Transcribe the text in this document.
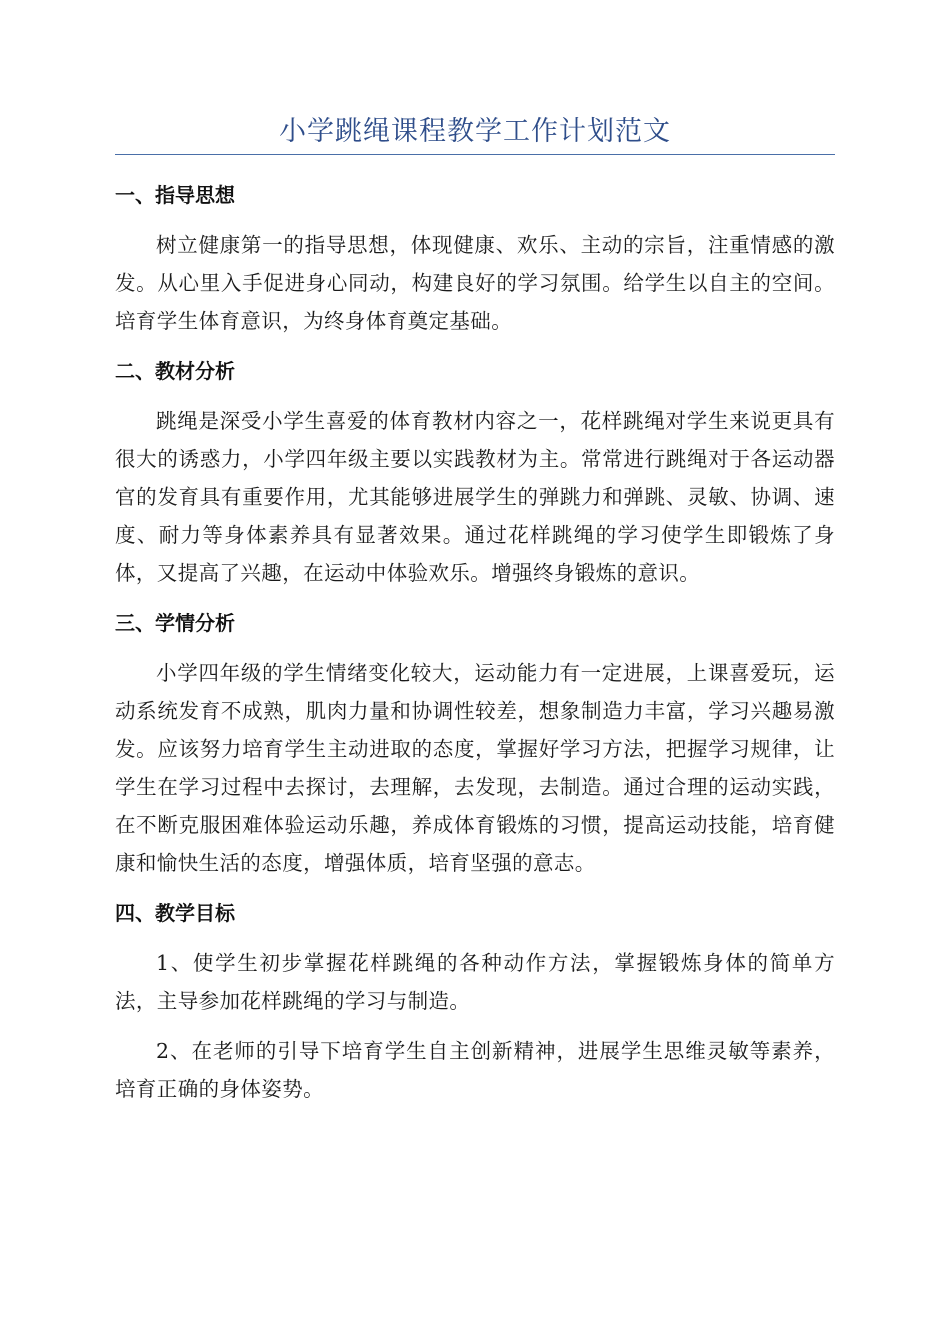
小学跳绳课程教学工作计划范文
一、指导思想

树立健康第一的指导思想，体现健康、欢乐、主动的宗旨，注重情感的激发。从心里入手促进身心同动，构建良好的学习氛围。给学生以自主的空间。培育学生体育意识，为终身体育奠定基础。

二、教材分析

跳绳是深受小学生喜爱的体育教材内容之一，花样跳绳对学生来说更具有很大的诱惑力，小学四年级主要以实践教材为主。常常进行跳绳对于各运动器官的发育具有重要作用，尤其能够进展学生的弹跳力和弹跳、灵敏、协调、速度、耐力等身体素养具有显著效果。通过花样跳绳的学习使学生即锻炼了身体，又提高了兴趣，在运动中体验欢乐。增强终身锻炼的意识。

三、学情分析

小学四年级的学生情绪变化较大，运动能力有一定进展，上课喜爱玩，运动系统发育不成熟，肌肉力量和协调性较差，想象制造力丰富，学习兴趣易激发。应该努力培育学生主动进取的态度，掌握好学习方法，把握学习规律，让学生在学习过程中去探讨，去理解，去发现，去制造。通过合理的运动实践，在不断克服困难体验运动乐趣，养成体育锻炼的习惯，提高运动技能，培育健康和愉快生活的态度，增强体质，培育坚强的意志。

四、教学目标

1、使学生初步掌握花样跳绳的各种动作方法，掌握锻炼身体的简单方法，主导参加花样跳绳的学习与制造。

2、在老师的引导下培育学生自主创新精神，进展学生思维灵敏等素养，培育正确的身体姿势。
